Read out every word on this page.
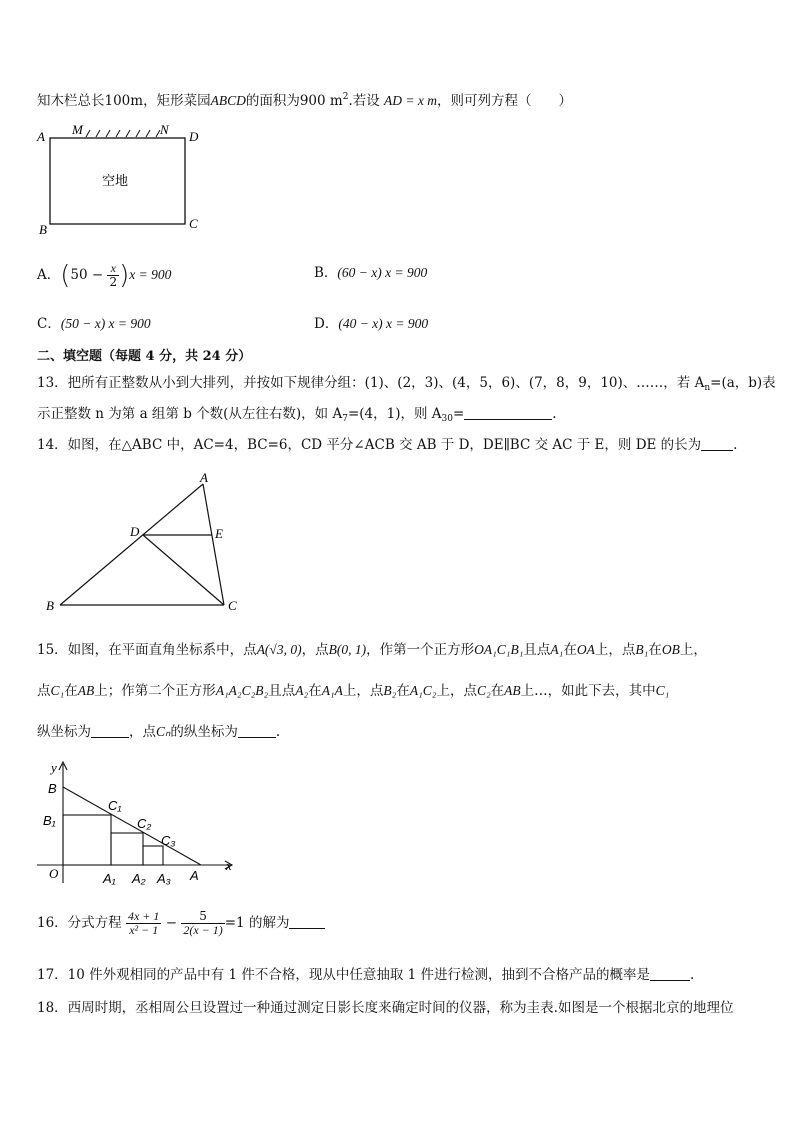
知木栏总长100m，矩形菜园ABCD的面积为900 $m^2$.若设 AD = x m，则可列方程（　　）
A M	N D
B	C
空地
A．$(50 - \frac{x}{2} )x = 900$	B．(60 − x) x = 900
C．(50 − x) x = 900	D．(40 − x) x = 900
二、填空题（每题 4 分，共 24 分）
13．把所有正整数从小到大排列，并按如下规律分组：(1)、(2，3)、(4，5，6)、(7，8，9，10)、……，若 $A_n=(a$，b)表
示正整数 n 为第 a 组第 b 个数(从左往右数)，如 $A_7=(4$，1)，则 $A_{30}=$	.
14．如图，在△ABC 中，AC=4，BC=6，CD 平分∠ACB 交 AB 于 D，DE∥BC 交 AC 于 E，则 DE 的长为 .
A
B	C
D	E
15．如图，在平面直角坐标系中，点A(√3, 0)，点B(0, 1)，作第一个正方形OA₁C₁B₁且点A₁在OA上，点B₁在OB上，
点C₁在AB上；作第二个正方形A₁A₂C₂B₂且点A₂在A₁A上，点B₂在A₁C₂上，点C₂在AB上…，如此下去，其中C₁
纵坐标为	，点Cₙ的纵坐标为	.
y
x
O
B
B₁
C₁
C₂
C₃
A₁ A₂ A₃ A
16．分式方程 $\frac{4x + 1}{\text{x² − 1}} - \frac{5}{2(x - 1)} =1$ 的解为
17．10 件外观相同的产品中有 1 件不合格，现从中任意抽取 1 件进行检测，抽到不合格产品的概率是	.
18．西周时期，丞相周公旦设置过一种通过测定日影长度来确定时间的仪器，称为圭表.如图是一个根据北京的地理位
